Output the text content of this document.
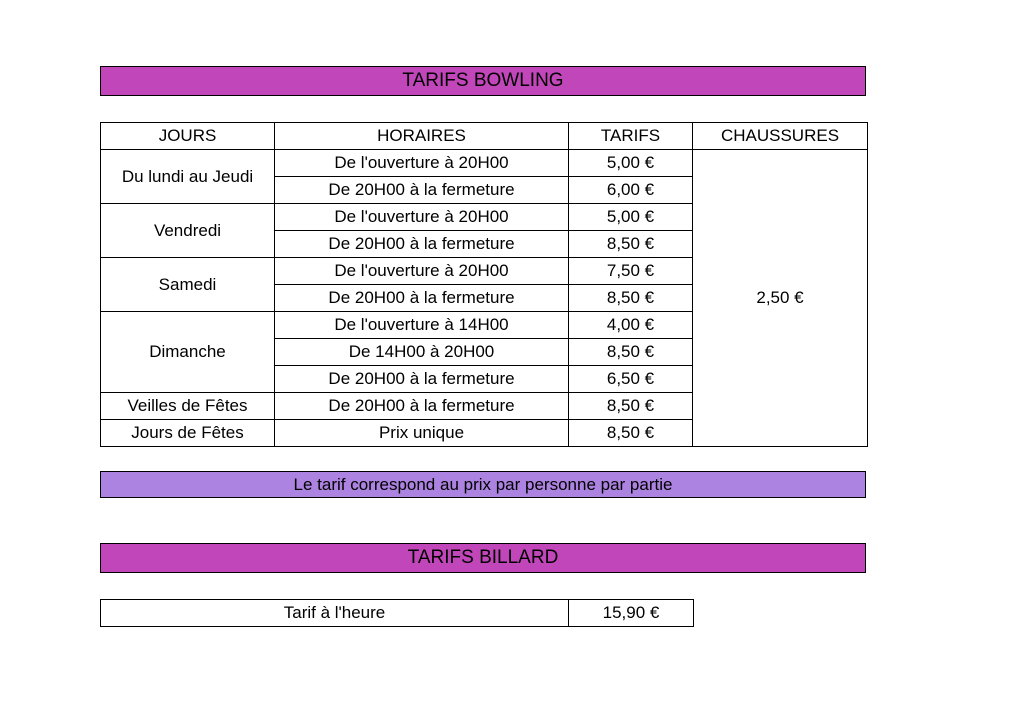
TARIFS BOWLING
JOURS	HORAIRES	TARIFS	CHAUSSURES
Du lundi au Jeudi	De l'ouverture à 20H00	5,00 €	2,50 €
	De 20H00 à la fermeture	6,00 €	
Vendredi	De l'ouverture à 20H00	5,00 €	
	De 20H00 à la fermeture	8,50 €	
Samedi	De l'ouverture à 20H00	7,50 €	
	De 20H00 à la fermeture	8,50 €	
Dimanche	De l'ouverture à 14H00	4,00 €	
	De 14H00 à 20H00	8,50 €	
	De 20H00 à la fermeture	6,50 €	
Veilles de Fêtes	De 20H00 à la fermeture	8,50 €	
Jours de Fêtes	Prix unique	8,50 €	
Le tarif correspond au prix par personne par partie
TARIFS BILLARD
Tarif à l'heure	15,90 €
